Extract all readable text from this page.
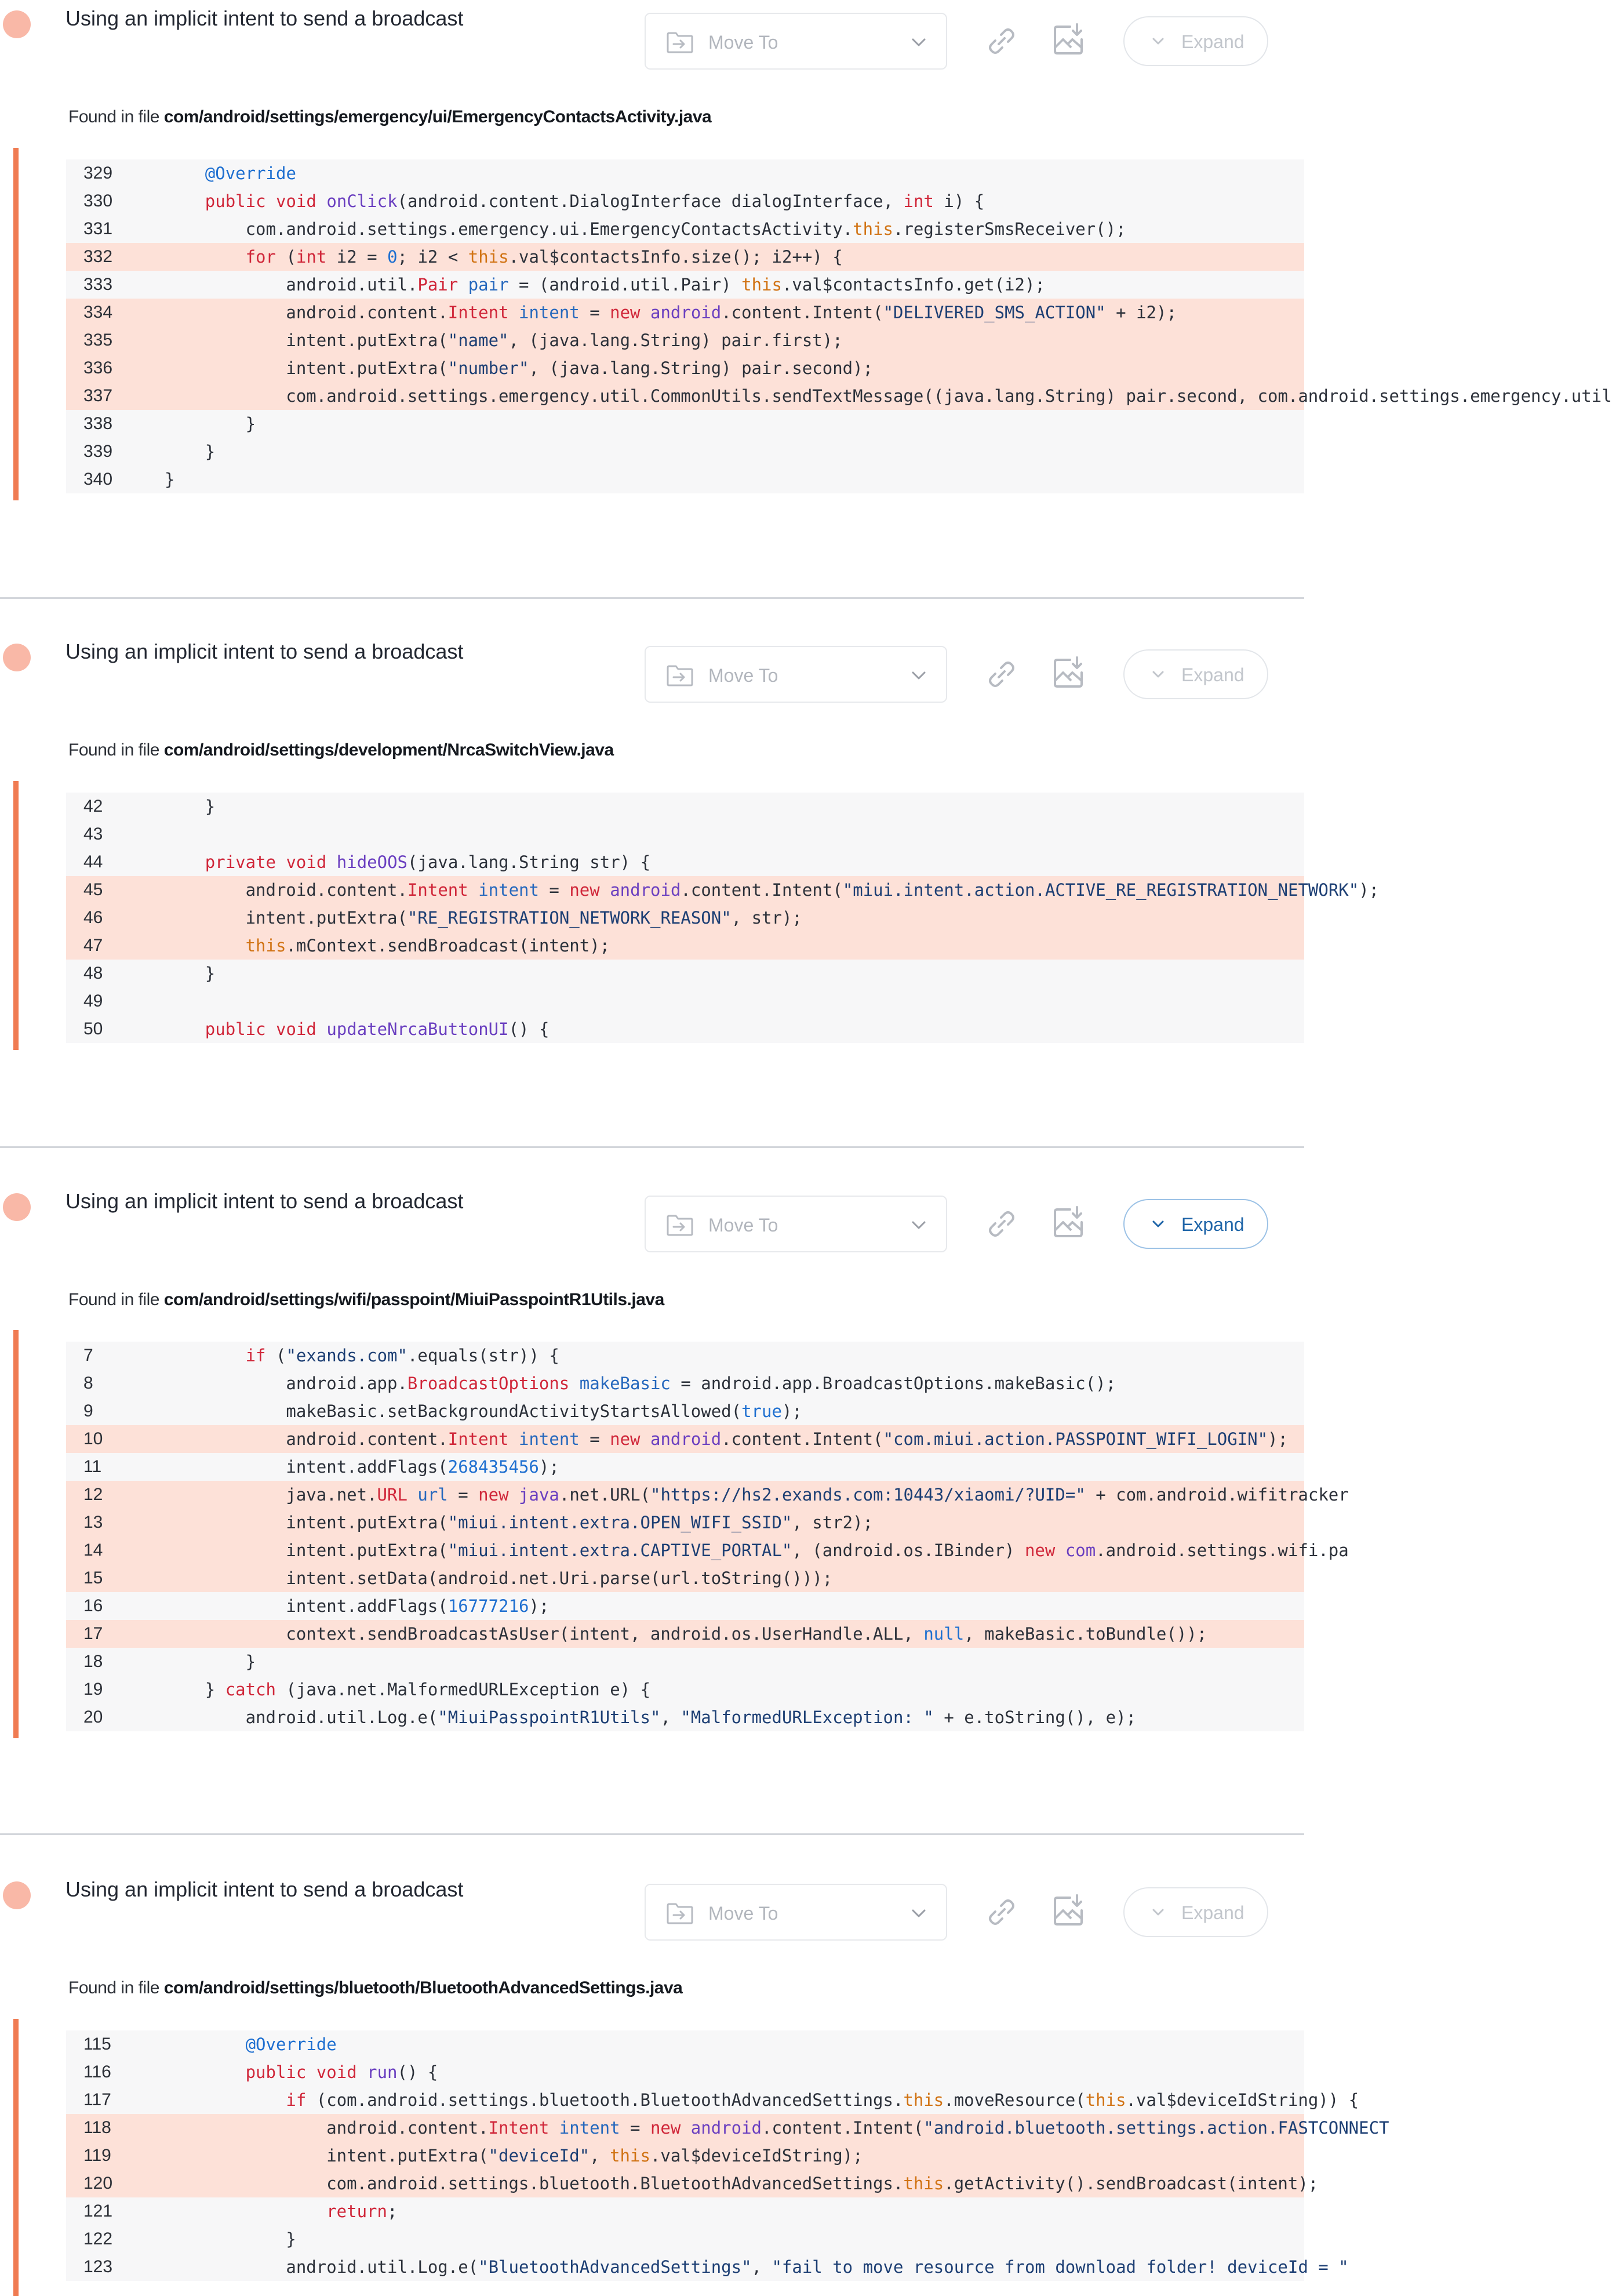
Using an implicit intent to send a broadcast
Move To	Expand
Found in file com/android/settings/emergency/ui/EmergencyContactsActivity.java
329	@Override
330	public void onClick(android.content.DialogInterface dialogInterface, int i) {
331	com.android.settings.emergency.ui.EmergencyContactsActivity.this.registerSmsReceiver();
332	for (int i2 = 0; i2 < this.val$contactsInfo.size(); i2++) {
333	android.util.Pair pair = (android.util.Pair) this.val$contactsInfo.get(i2);
334	android.content.Intent intent = new android.content.Intent("DELIVERED_SMS_ACTION" + i2);
335	intent.putExtra("name", (java.lang.String) pair.first);
336	intent.putExtra("number", (java.lang.String) pair.second);
337	com.android.settings.emergency.util.CommonUtils.sendTextMessage((java.lang.String) pair.second, com.android.settings.emergency.util
338	}
339	}
340	}
Using an implicit intent to send a broadcast
Move To	Expand
Found in file com/android/settings/development/NrcaSwitchView.java
42	}
43
44	private void hideOOS(java.lang.String str) {
45	android.content.Intent intent = new android.content.Intent("miui.intent.action.ACTIVE_RE_REGISTRATION_NETWORK");
46	intent.putExtra("RE_REGISTRATION_NETWORK_REASON", str);
47	this.mContext.sendBroadcast(intent);
48	}
49
50	public void updateNrcaButtonUI() {
Using an implicit intent to send a broadcast
Move To	Expand
Found in file com/android/settings/wifi/passpoint/MiuiPasspointR1Utils.java
7	if ("exands.com".equals(str)) {
8	android.app.BroadcastOptions makeBasic = android.app.BroadcastOptions.makeBasic();
9	makeBasic.setBackgroundActivityStartsAllowed(true);
10	android.content.Intent intent = new android.content.Intent("com.miui.action.PASSPOINT_WIFI_LOGIN");
11	intent.addFlags(268435456);
12	java.net.URL url = new java.net.URL("https://hs2.exands.com:10443/xiaomi/?UID=" + com.android.wifitracker
13	intent.putExtra("miui.intent.extra.OPEN_WIFI_SSID", str2);
14	intent.putExtra("miui.intent.extra.CAPTIVE_PORTAL", (android.os.IBinder) new com.android.settings.wifi.pa
15	intent.setData(android.net.Uri.parse(url.toString()));
16	intent.addFlags(16777216);
17	context.sendBroadcastAsUser(intent, android.os.UserHandle.ALL, null, makeBasic.toBundle());
18	}
19	} catch (java.net.MalformedURLException e) {
20	android.util.Log.e("MiuiPasspointR1Utils", "MalformedURLException: " + e.toString(), e);
Using an implicit intent to send a broadcast
Move To	Expand
Found in file com/android/settings/bluetooth/BluetoothAdvancedSettings.java
115	@Override
116	public void run() {
117	if (com.android.settings.bluetooth.BluetoothAdvancedSettings.this.moveResource(this.val$deviceIdString)) {
118	android.content.Intent intent = new android.content.Intent("android.bluetooth.settings.action.FASTCONNECT
119	intent.putExtra("deviceId", this.val$deviceIdString);
120	com.android.settings.bluetooth.BluetoothAdvancedSettings.this.getActivity().sendBroadcast(intent);
121	return;
122	}
123	android.util.Log.e("BluetoothAdvancedSettings", "fail to move resource from download folder! deviceId = "
